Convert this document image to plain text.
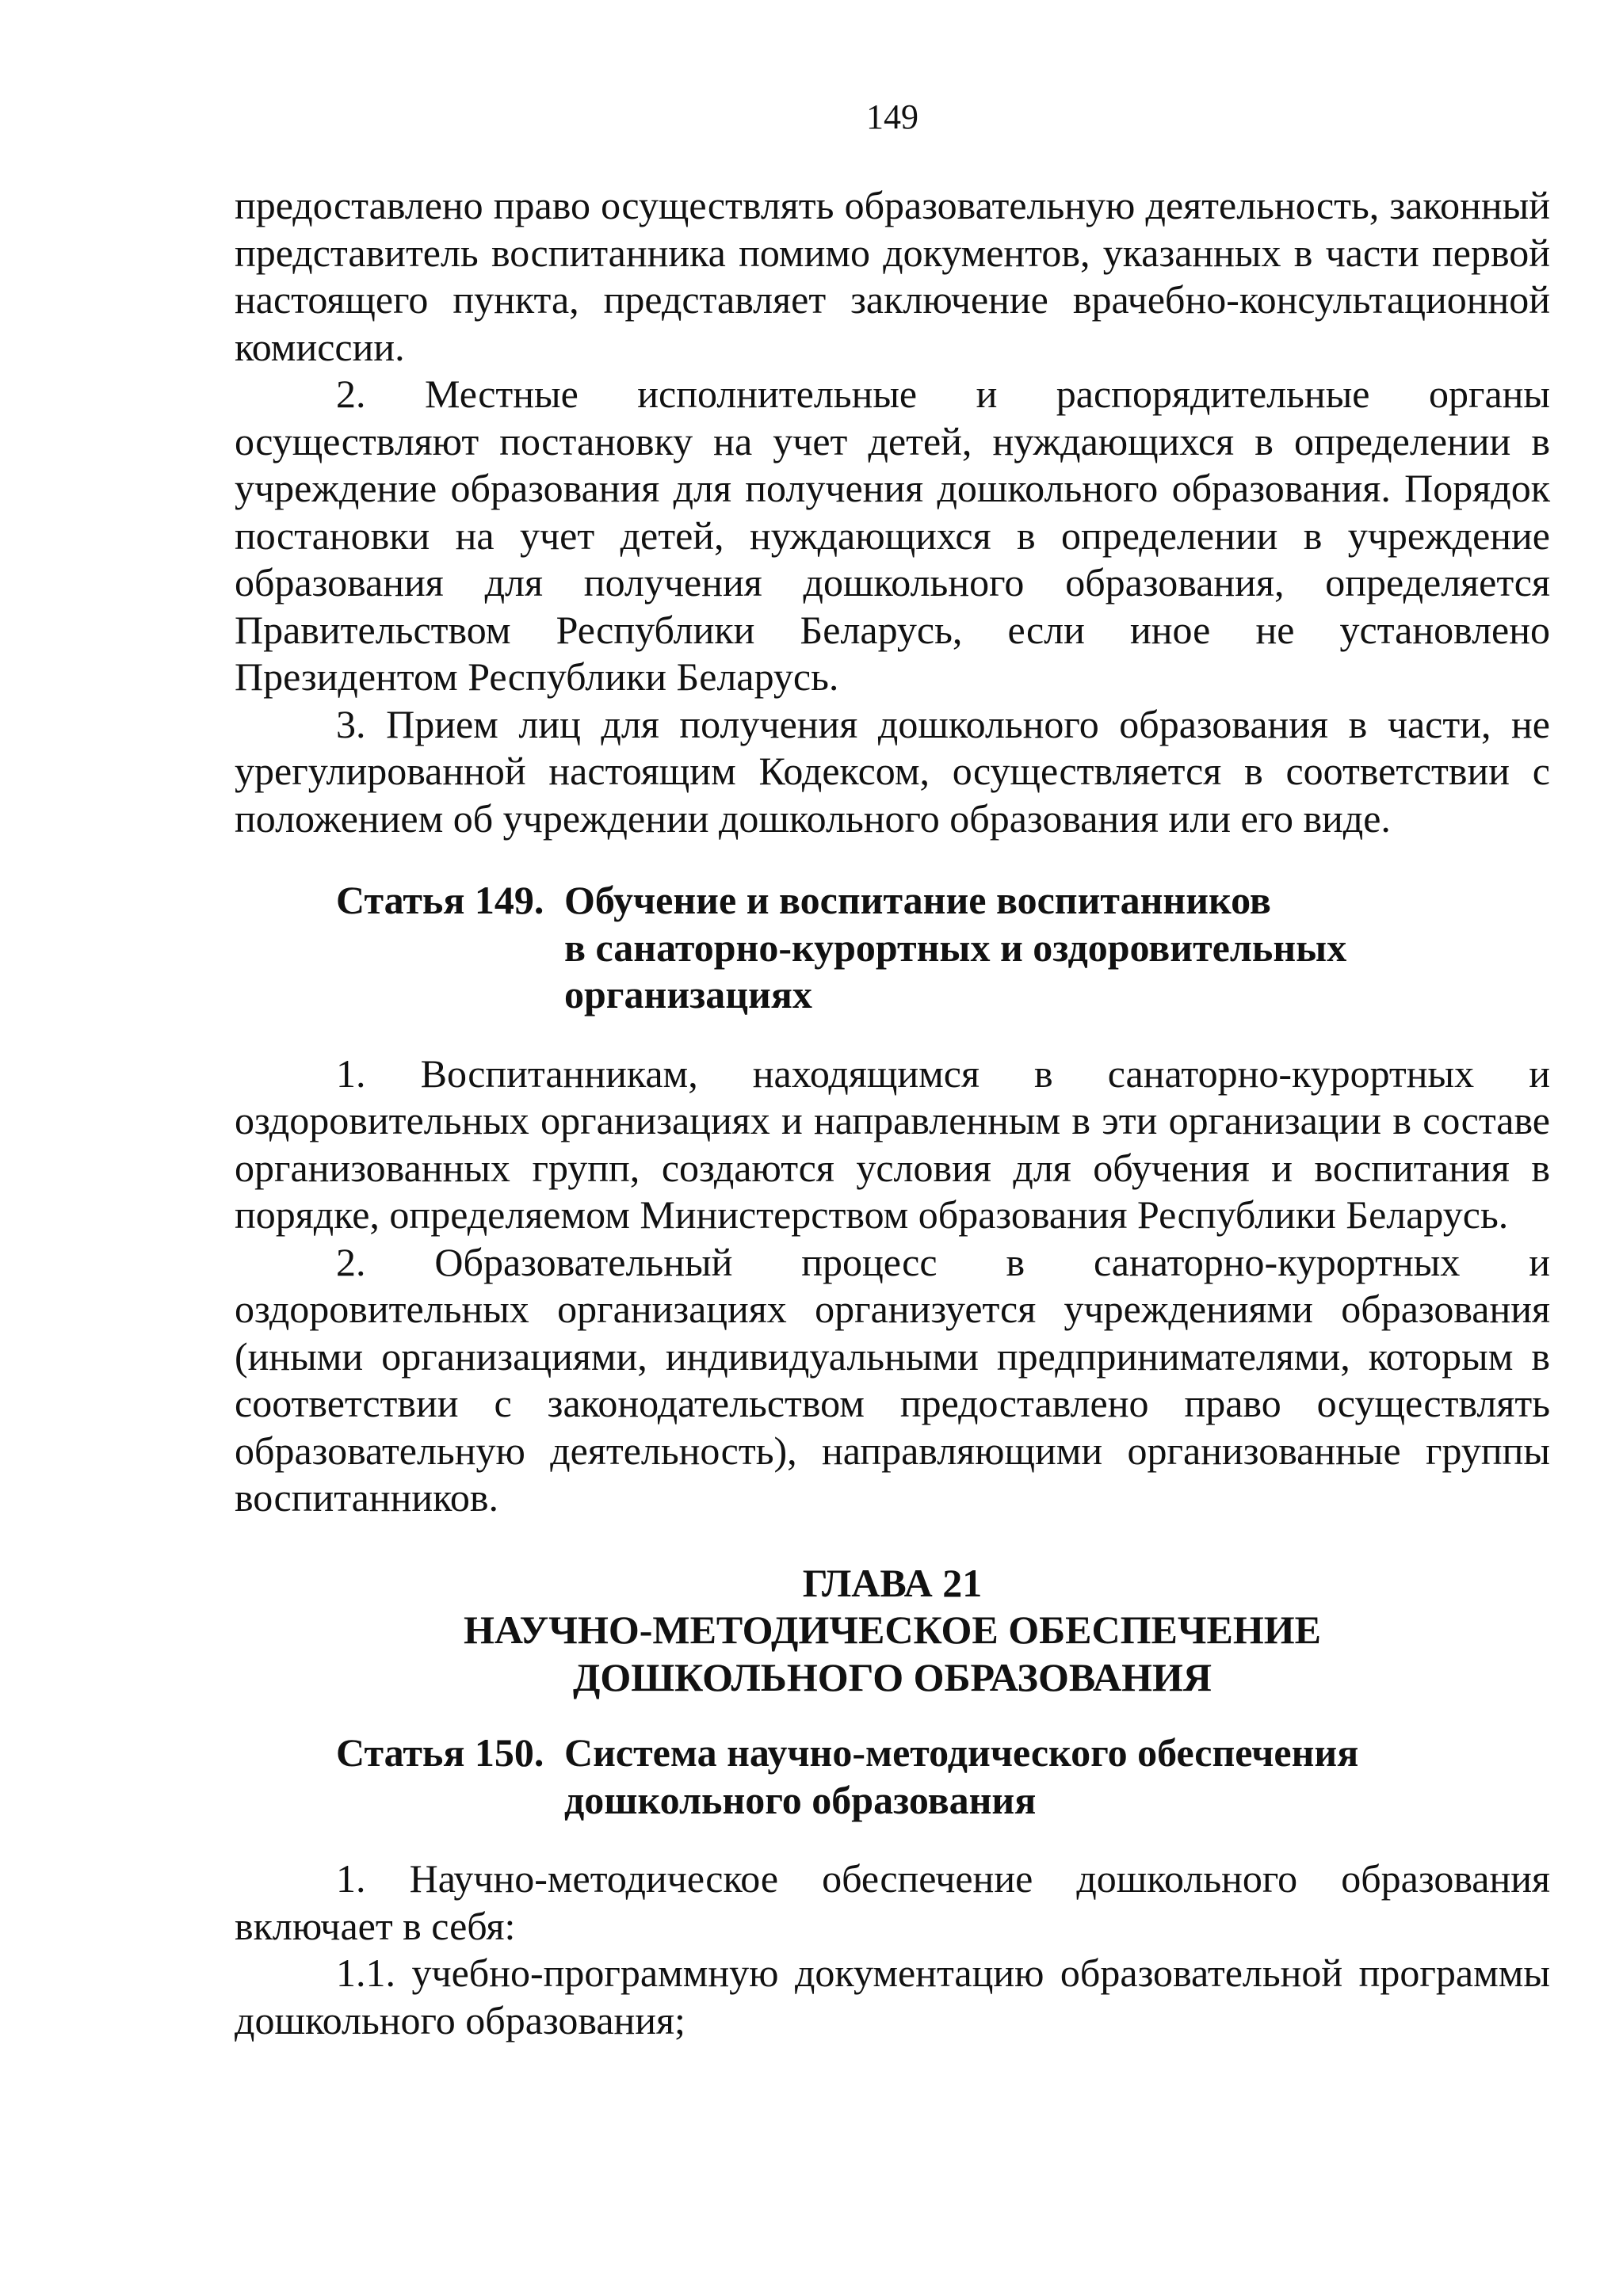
149

предоставлено право осуществлять образовательную деятельность, законный представитель воспитанника помимо документов, указанных в части первой настоящего пункта, представляет заключение врачебно-консультационной комиссии.

2. Местные исполнительные и распорядительные органы осуществляют постановку на учет детей, нуждающихся в определении в учреждение образования для получения дошкольного образования. Порядок постановки на учет детей, нуждающихся в определении в учреждение образования для получения дошкольного образования, определяется Правительством Республики Беларусь, если иное не установлено Президентом Республики Беларусь.

3. Прием лиц для получения дошкольного образования в части, не урегулированной настоящим Кодексом, осуществляется в соответствии с положением об учреждении дошкольного образования или его виде.

Статья 149. Обучение и воспитание воспитанников
в санаторно-курортных и оздоровительных
организациях

1. Воспитанникам, находящимся в санаторно-курортных и оздоровительных организациях и направленным в эти организации в составе организованных групп, создаются условия для обучения и воспитания в порядке, определяемом Министерством образования Республики Беларусь.

2. Образовательный процесс в санаторно-курортных и оздоровительных организациях организуется учреждениями образования (иными организациями, индивидуальными предпринимателями, которым в соответствии с законодательством предоставлено право осуществлять образовательную деятельность), направляющими организованные группы воспитанников.

ГЛАВА 21
НАУЧНО-МЕТОДИЧЕСКОЕ ОБЕСПЕЧЕНИЕ
ДОШКОЛЬНОГО ОБРАЗОВАНИЯ
Статья 150. Система научно-методического обеспечения
дошкольного образования

1. Научно-методическое обеспечение дошкольного образования включает в себя:

1.1. учебно-программную документацию образовательной программы дошкольного образования;
